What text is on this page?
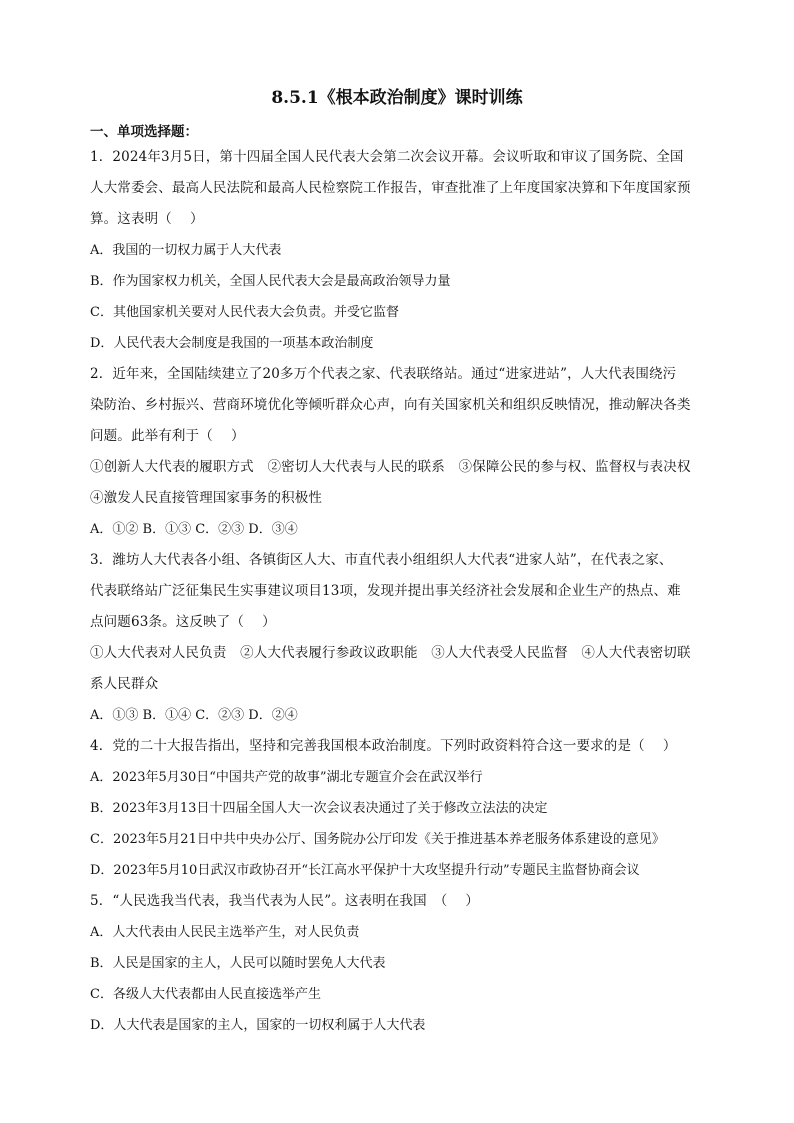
8.5.1《根本政治制度》课时训练
一、单项选择题：
1．2024年3月5日，第十四届全国人民代表大会第二次会议开幕。会议听取和审议了国务院、全国
人大常委会、最高人民法院和最高人民检察院工作报告，审查批准了上年度国家决算和下年度国家预
算。这表明（　 ）
A．我国的一切权力属于人大代表
B．作为国家权力机关，全国人民代表大会是最高政治领导力量
C．其他国家机关要对人民代表大会负责。并受它监督
D．人民代表大会制度是我国的一项基本政治制度
2．近年来，全国陆续建立了20多万个代表之家、代表联络站。通过“进家进站”，人大代表围绕污
染防治、乡村振兴、营商环境优化等倾听群众心声，向有关国家机关和组织反映情况，推动解决各类
问题。此举有利于（　 ）
①创新人大代表的履职方式　②密切人大代表与人民的联系　③保障公民的参与权、监督权与表决权
④激发人民直接管理国家事务的积极性
A．①② B．①③ C．②③ D．③④
3．潍坊人大代表各小组、各镇街区人大、市直代表小组组织人大代表“进家人站”，在代表之家、
代表联络站广泛征集民生实事建议项目13项，发现并提出事关经济社会发展和企业生产的热点、难
点问题63条。这反映了（　 ）
①人大代表对人民负责　②人大代表履行参政议政职能　③人大代表受人民监督　④人大代表密切联
系人民群众
A．①③ B．①④ C．②③ D．②④
4．党的二十大报告指出，坚持和完善我国根本政治制度。下列时政资料符合这一要求的是（　 ）
A．2023年5月30日“中国共产党的故事”湖北专题宣介会在武汉举行
B．2023年3月13日十四届全国人大一次会议表决通过了关于修改立法法的决定
C．2023年5月21日中共中央办公厅、国务院办公厅印发《关于推进基本养老服务体系建设的意见》
D．2023年5月10日武汉市政协召开“长江高水平保护十大攻坚提升行动”专题民主监督协商会议
5．“人民选我当代表，我当代表为人民”。这表明在我国　（　 ）
A．人大代表由人民民主选举产生，对人民负责
B．人民是国家的主人，人民可以随时罢免人大代表
C．各级人大代表都由人民直接选举产生
D．人大代表是国家的主人，国家的一切权利属于人大代表
